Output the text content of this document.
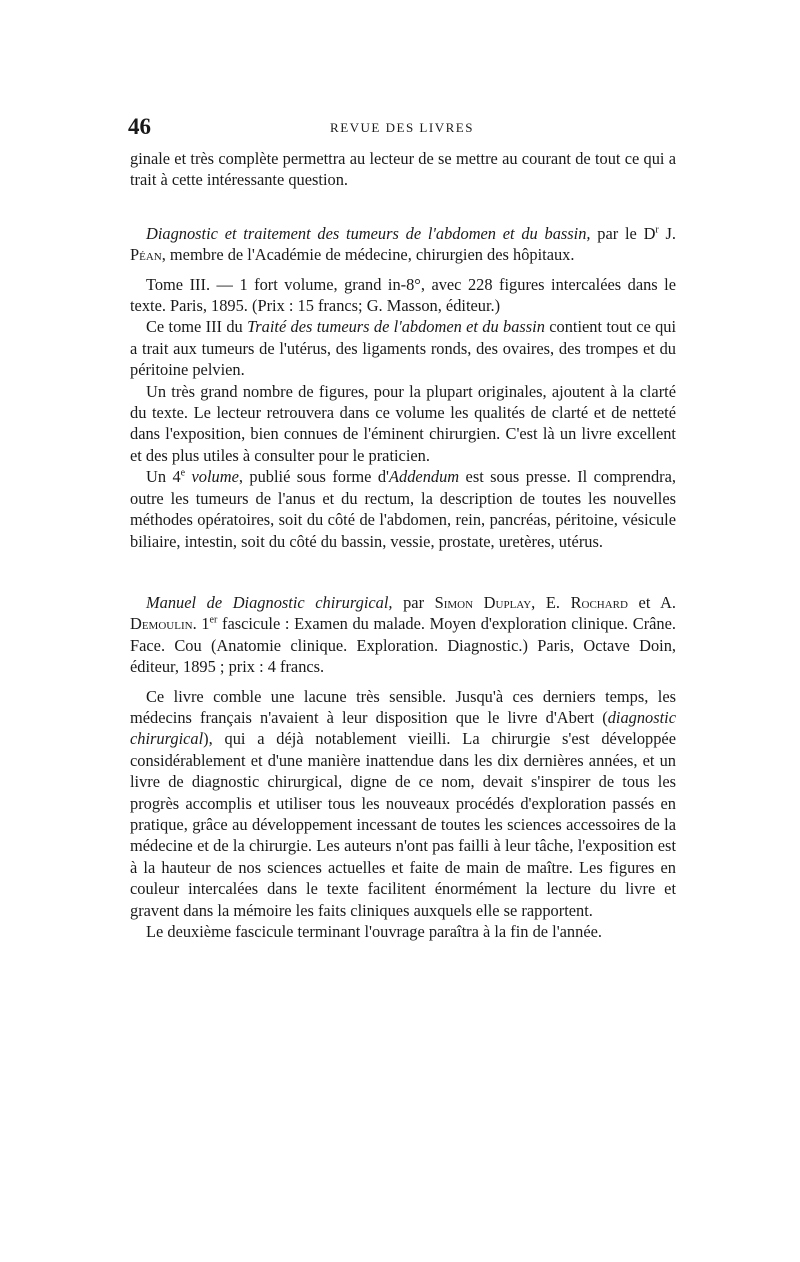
46	REVUE DES LIVRES

ginale et très complète permettra au lecteur de se mettre au courant de tout ce qui a trait à cette intéressante question.

Diagnostic et traitement des tumeurs de l'abdomen et du bassin, par le $D^r$ J. Péan, membre de l'Académie de médecine, chirurgien des hôpitaux.

Tome III. — 1 fort volume, grand in-8°, avec 228 figures intercalées dans le texte. Paris, 1895. (Prix : 15 francs; G. Masson, éditeur.)

Ce tome III du Traité des tumeurs de l'abdomen et du bassin contient tout ce qui a trait aux tumeurs de l'utérus, des ligaments ronds, des ovaires, des trompes et du péritoine pelvien.

Un très grand nombre de figures, pour la plupart originales, ajoutent à la clarté du texte. Le lecteur retrouvera dans ce volume les qualités de clarté et de netteté dans l'exposition, bien connues de l'éminent chirurgien. C'est là un livre excellent et des plus utiles à consulter pour le praticien.

Un 4e volume, publié sous forme d'Addendum est sous presse. Il comprendra, outre les tumeurs de l'anus et du rectum, la description de toutes les nouvelles méthodes opératoires, soit du côté de l'abdomen, rein, pancréas, péritoine, vésicule biliaire, intestin, soit du côté du bassin, vessie, prostate, uretères, utérus.

Manuel de Diagnostic chirurgical, par Simon Duplay, E. Rochard et A. Demoulin. 1er fascicule : Examen du malade. Moyen d'exploration clinique. Crâne. Face. Cou (Anatomie clinique. Exploration. Diagnostic.) Paris, Octave Doin, éditeur, 1895 ; prix : 4 francs.

Ce livre comble une lacune très sensible. Jusqu'à ces derniers temps, les médecins français n'avaient à leur disposition que le livre d'Abert (diagnostic chirurgical), qui a déjà notablement vieilli. La chirurgie s'est développée considérablement et d'une manière inattendue dans les dix dernières années, et un livre de diagnostic chirurgical, digne de ce nom, devait s'inspirer de tous les progrès accomplis et utiliser tous les nouveaux procédés d'exploration passés en pratique, grâce au développement incessant de toutes les sciences accessoires de la médecine et de la chirurgie. Les auteurs n'ont pas failli à leur tâche, l'exposition est à la hauteur de nos sciences actuelles et faite de main de maître. Les figures en couleur intercalées dans le texte facilitent énormément la lecture du livre et gravent dans la mémoire les faits cliniques auxquels elle se rapportent.

Le deuxième fascicule terminant l'ouvrage paraîtra à la fin de l'année.
